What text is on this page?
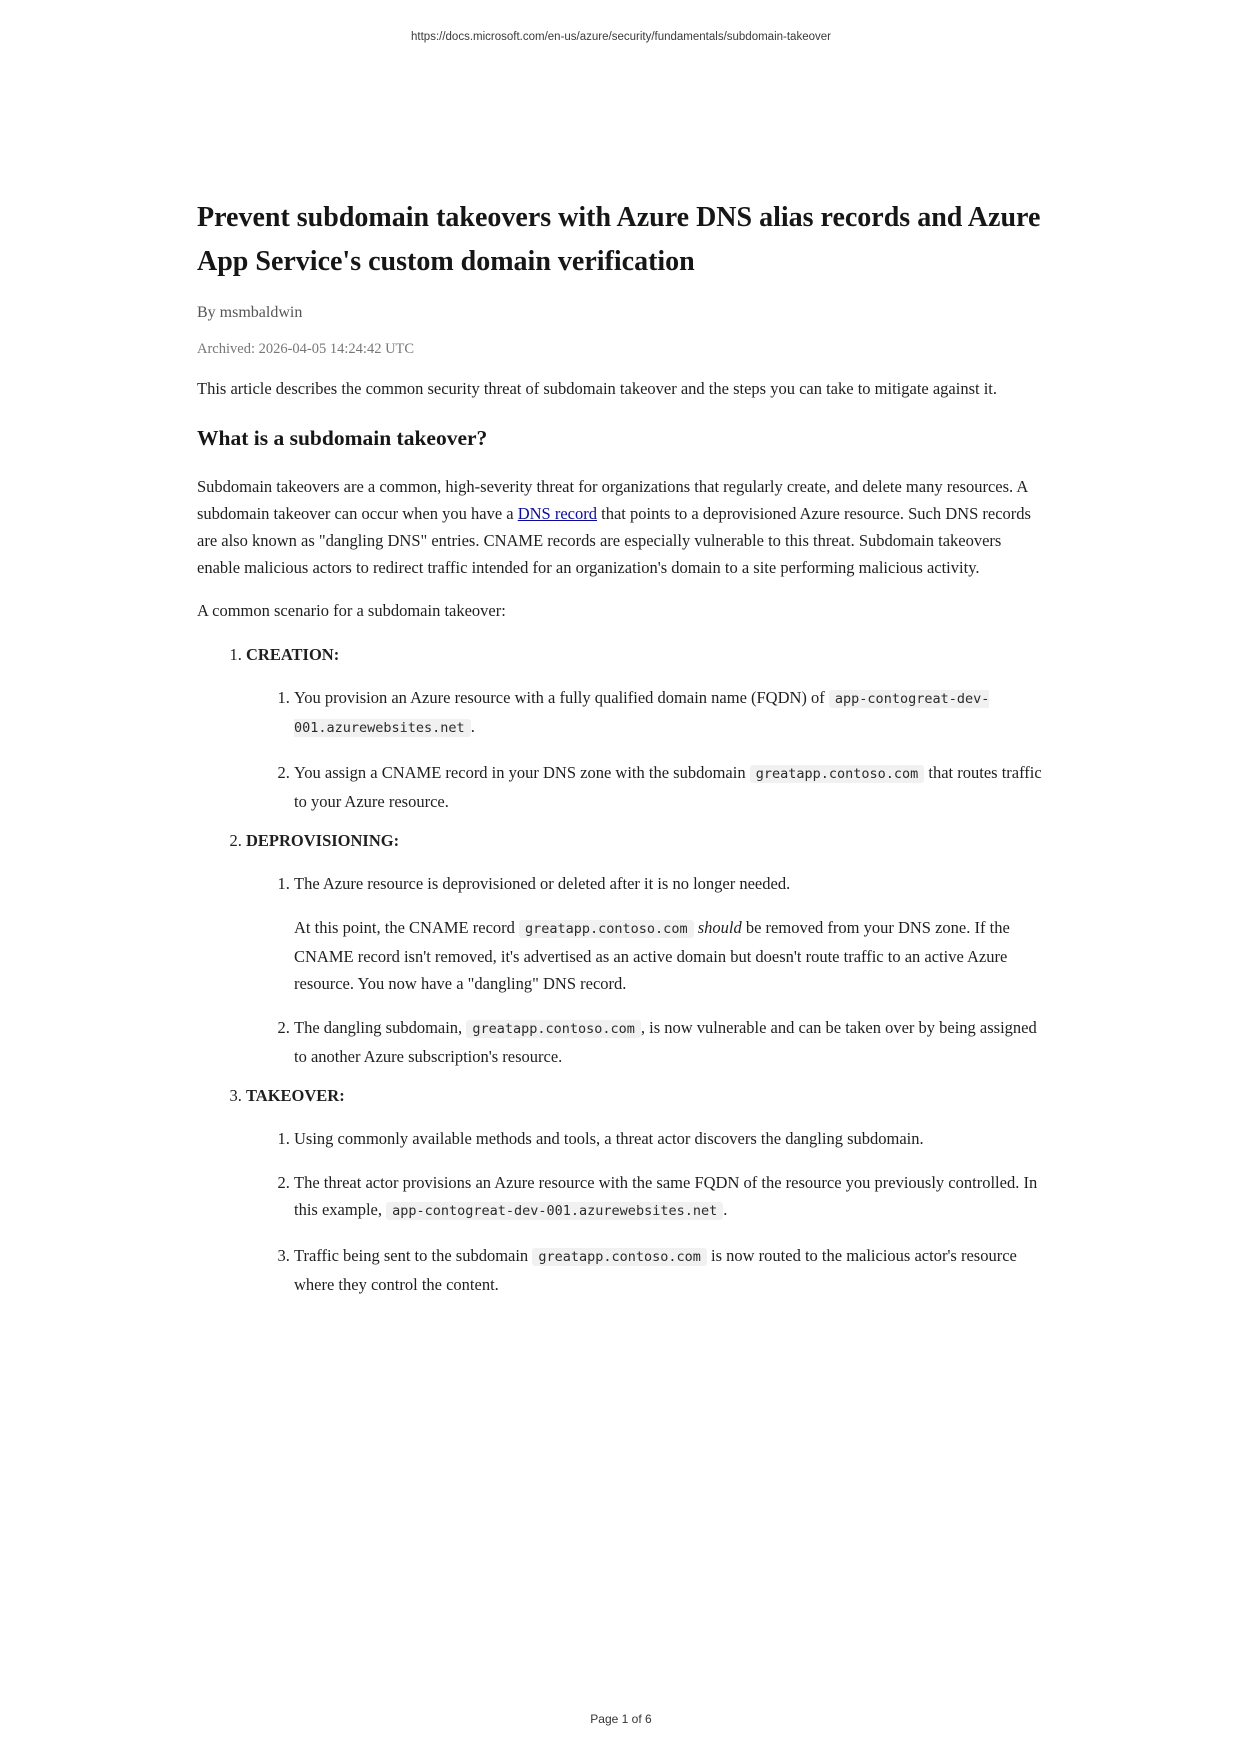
https://docs.microsoft.com/en-us/azure/security/fundamentals/subdomain-takeover
Prevent subdomain takeovers with Azure DNS alias records and Azure App Service's custom domain verification
By msmbaldwin
Archived: 2026-04-05 14:24:42 UTC

This article describes the common security threat of subdomain takeover and the steps you can take to mitigate against it.

What is a subdomain takeover?

Subdomain takeovers are a common, high-severity threat for organizations that regularly create, and delete many resources. A subdomain takeover can occur when you have a DNS record that points to a deprovisioned Azure resource. Such DNS records are also known as "dangling DNS" entries. CNAME records are especially vulnerable to this threat. Subdomain takeovers enable malicious actors to redirect traffic intended for an organization's domain to a site performing malicious activity.

A common scenario for a subdomain takeover:

1. CREATION:
1. You provision an Azure resource with a fully qualified domain name (FQDN) of app-contogreat-dev-001.azurewebsites.net .
2. You assign a CNAME record in your DNS zone with the subdomain greatapp.contoso.com that routes traffic to your Azure resource.
2. DEPROVISIONING:
1. The Azure resource is deprovisioned or deleted after it is no longer needed.

At this point, the CNAME record greatapp.contoso.com should be removed from your DNS zone. If the CNAME record isn't removed, it's advertised as an active domain but doesn't route traffic to an active Azure resource. You now have a "dangling" DNS record.

2. The dangling subdomain, greatapp.contoso.com , is now vulnerable and can be taken over by being assigned to another Azure subscription's resource.
3. TAKEOVER:
1. Using commonly available methods and tools, a threat actor discovers the dangling subdomain.
2. The threat actor provisions an Azure resource with the same FQDN of the resource you previously controlled. In this example, app-contogreat-dev-001.azurewebsites.net .
3. Traffic being sent to the subdomain greatapp.contoso.com is now routed to the malicious actor's resource where they control the content.
Page 1 of 6
